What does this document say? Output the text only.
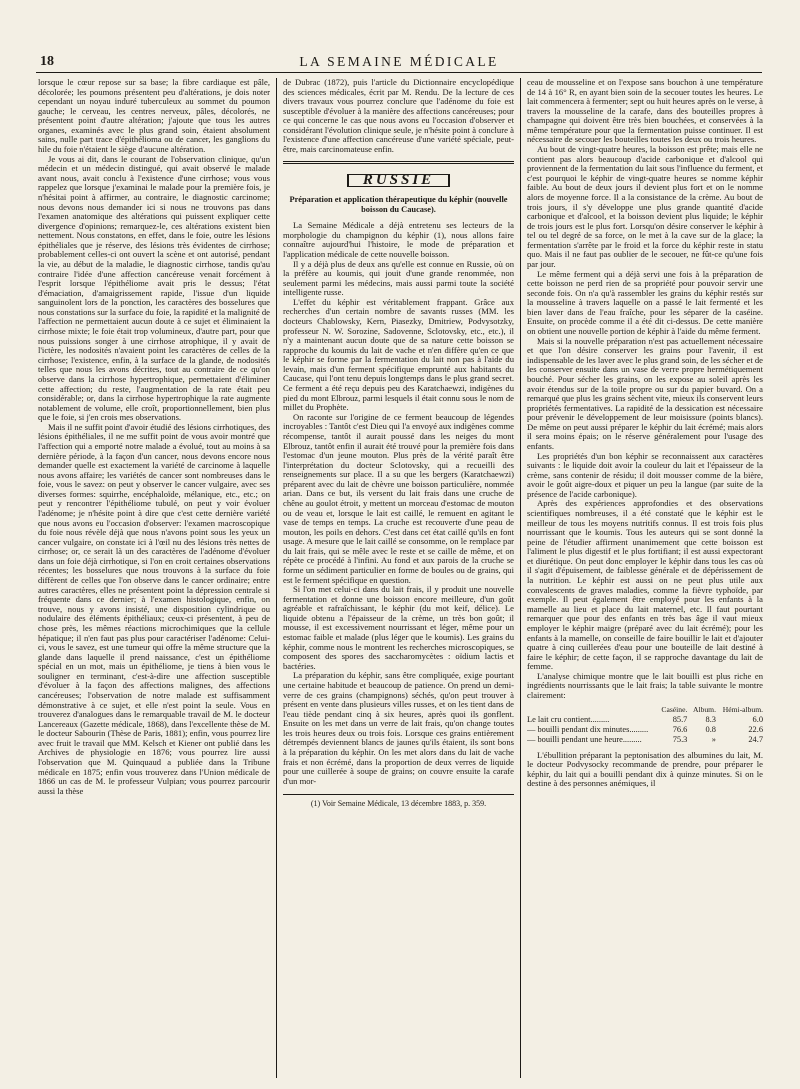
18	LA SEMAINE MÉDICALE

lorsque le cœur repose sur sa base; la fibre cardiaque est pâle, décolorée; les poumons présentent peu d'altérations, je dois noter cependant un noyau induré tuberculeux au sommet du poumon gauche; le cerveau, les centres nerveux, pâles, décolorés, ne présentent point d'autre altération; j'ajoute que tous les autres organes, examinés avec le plus grand soin, étaient absolument sains, nulle part trace d'épithélioma ou de cancer, les ganglions du hile du foie n'étaient le siège d'aucune altération.

Je vous ai dit, dans le courant de l'observation clinique, qu'un médecin et un médecin distingué, qui avait observé le malade avant nous, avait conclu à l'existence d'une cirrhose; vous vous rappelez que lorsque j'examinai le malade pour la première fois, je n'hésitai point à affirmer, au contraire, le diagnostic carcinome; nous devons nous demander ici si nous ne trouvons pas dans l'examen anatomique des altérations qui puissent expliquer cette divergence d'opinions; remarquez-le, ces altérations existent bien nettement. Nous constatons, en effet, dans le foie, outre les lésions épithéliales que je réserve, des lésions très évidentes de cirrhose; probablement celles-ci ont ouvert la scène et ont autorisé, pendant la vie, au début de la maladie, le diagnostic cirrhose, tandis qu'au contraire l'idée d'une affection cancéreuse venait forcément à l'esprit lorsque l'épithéliome avait pris le dessus; l'état d'émaciation, d'amaigrissement rapide, l'issue d'un liquide sanguinolent lors de la ponction, les caractères des bosselures que nous constations sur la surface du foie, la rapidité et la malignité de l'affection ne permettaient aucun doute à ce sujet et éliminaient la cirrhose mixte; le foie était trop volumineux, d'autre part, pour que nous puissions songer à une cirrhose atrophique, il y avait de l'ictère, les nodosités n'avaient point les caractères de celles de la cirrhose; l'existence, enfin, à la surface de la glande, de nodosités telles que nous les avons décrites, tout au contraire de ce qu'on observe dans la cirrhose hypertrophique, permettaient d'éliminer cette affection; du reste, l'augmentation de la rate était peu considérable; or, dans la cirrhose hypertrophique la rate augmente notablement de volume, elle croît, proportionnellement, bien plus que le foie, si j'en crois mes observations.

Mais il ne suffit point d'avoir étudié des lésions cirrhotiques, des lésions épithéliales, il ne me suffit point de vous avoir montré que l'affection qui a emporté notre malade a évolué, tout au moins à sa dernière période, à la façon d'un cancer, nous devons encore nous demander quelle est exactement la variété de carcinome à laquelle nous avons affaire; les variétés de cancer sont nombreuses dans le foie, vous le savez: on peut y observer le cancer vulgaire, avec ses diverses formes: squirrhe, encéphaloïde, mélanique, etc., etc.; on peut y rencontrer l'épithéliome tubulé, on peut y voir évoluer l'adénome; je n'hésite point à dire que c'est cette dernière variété que nous avons eu l'occasion d'observer: l'examen macroscopique du foie nous révèle déjà que nous n'avons point sous les yeux un cancer vulgaire, on constate ici à l'œil nu des lésions très nettes de cirrhose; or, ce serait là un des caractères de l'adénome d'évoluer dans un foie déjà cirrhotique, si l'on en croit certaines observations récentes; les bosselures que nous trouvons à la surface du foie diffèrent de celles que l'on observe dans le cancer ordinaire; entre autres caractères, elles ne présentent point la dépression centrale si fréquente dans ce dernier; à l'examen histologique, enfin, on trouve, nous y avons insisté, une disposition cylindrique ou nodulaire des éléments épithéliaux; ceux-ci présentent, à peu de chose près, les mêmes réactions microchimiques que la cellule hépatique; il n'en faut pas plus pour caractériser l'adénome: Celui-ci, vous le savez, est une tumeur qui offre la même structure que la glande dans laquelle il prend naissance, c'est un épithéliome spécial en un mot, mais un épithéliome, je tiens à bien vous le souligner en terminant, c'est-à-dire une affection susceptible d'évoluer à la façon des affections malignes, des affections cancéreuses; l'observation de notre malade est suffisamment démonstrative à ce sujet, et elle n'est point la seule. Vous en trouverez d'analogues dans le remarquable travail de M. le docteur Lancereaux (Gazette médicale, 1868), dans l'excellente thèse de M. le docteur Sabourin (Thèse de Paris, 1881); enfin, vous pourrez lire avec fruit le travail que MM. Kelsch et Kiener ont publié dans les Archives de physiologie en 1876; vous pourrez lire aussi l'observation que M. Quinquaud a publiée dans la Tribune médicale en 1875; enfin vous trouverez dans l'Union médicale de 1866 un cas de M. le professeur Vulpian; vous pourrez parcourir aussi la thèse

de Dubrac (1872), puis l'article du Dictionnaire encyclopédique des sciences médicales, écrit par M. Rendu. De la lecture de ces divers travaux vous pourrez conclure que l'adénome du foie est susceptible d'évoluer à la manière des affections cancéreuses; pour ce qui concerne le cas que nous avons eu l'occasion d'observer et considérant l'évolution clinique seule, je n'hésite point à conclure à l'existence d'une affection cancéreuse d'une variété spéciale, peut-être, mais carcinomateuse enfin.

RUSSIE
Préparation et application thérapeutique du képhir (nouvelle boisson du Caucase).

La Semaine Médicale a déjà entretenu ses lecteurs de la morphologie du champignon du képhir (1), nous allons faire connaître aujourd'hui l'histoire, le mode de préparation et l'application médicale de cette nouvelle boisson.

Il y a déjà plus de deux ans qu'elle est connue en Russie, où on la préfère au koumis, qui jouit d'une grande renommée, non seulement parmi les médecins, mais aussi parmi toute la société intelligente russe.

L'effet du képhir est véritablement frappant. Grâce aux recherches d'un certain nombre de savants russes (MM. les docteurs Chablowsky, Kern, Piasezky, Dmitriew, Podvysotzky, professeur N. W. Sorozine, Sadovenne, Sclotovsky, etc., etc.), il n'y a maintenant aucun doute que de sa nature cette boisson se rapproche du koumis du lait de vache et n'en diffère qu'en ce que le képhir se forme par la fermentation du lait non pas à l'aide du levain, mais d'un ferment spécifique emprunté aux habitants du Caucase, qui l'ont tenu depuis longtemps dans le plus grand secret. Ce ferment a été reçu depuis peu des Karatchaewzi, indigènes du pied du mont Elbrouz, parmi lesquels il était connu sous le nom de millet du Prophète.

On raconte sur l'origine de ce ferment beaucoup de légendes incroyables : Tantôt c'est Dieu qui l'a envoyé aux indigènes comme récompense, tantôt il aurait poussé dans les neiges du mont Elbrouz, tantôt enfin il aurait été trouvé pour la première fois dans l'estomac d'un jeune mouton. Plus près de la vérité paraît être l'interprétation du docteur Sclotovsky, qui a recueilli des renseignements sur place. Il a su que les bergers (Karatchaewzi) préparent avec du lait de chèvre une boisson particulière, nommée arian. Dans ce but, ils versent du lait frais dans une cruche de chêne au goulot étroit, y mettent un morceau d'estomac de mouton ou de veau et, lorsque le lait est caillé, le remuent en agitant le vase de temps en temps. La cruche est recouverte d'une peau de mouton, les poils en dehors. C'est dans cet état caillé qu'ils en font usage. A mesure que le lait caillé se consomme, on le remplace par du lait frais, qui se mêle avec le reste et se caille de même, et on répète ce procédé à l'infini. Au fond et aux parois de la cruche se forme un sédiment particulier en forme de boules ou de grains, qui est le ferment spécifique en question.

Si l'on met celui-ci dans du lait frais, il y produit une nouvelle fermentation et donne une boisson encore meilleure, d'un goût agréable et rafraîchissant, le képhir (du mot keif, délice). Le liquide obtenu a l'épaisseur de la crème, un très bon goût; il mousse, il est excessivement nourrissant et léger, même pour un estomac faible et malade (plus léger que le koumis). Les grains du képhir, comme nous le montrent les recherches microscopiques, se composent des spores des saccharomycètes : oïdium lactis et bactéries.

La préparation du képhir, sans être compliquée, exige pourtant une certaine habitude et beaucoup de patience. On prend un demi-verre de ces grains (champignons) séchés, qu'on peut trouver à présent en vente dans plusieurs villes russes, et on les tient dans de l'eau tiède pendant cinq à six heures, après quoi ils gonflent. Ensuite on les met dans un verre de lait frais, qu'on change toutes les trois heures deux ou trois fois. Lorsque ces grains entièrement détrempés deviennent blancs de jaunes qu'ils étaient, ils sont bons à la préparation du képhir. On les met alors dans du lait de vache frais et non écrémé, dans la proportion de deux verres de liquide pour une cuillerée à soupe de grains; on couvre ensuite la carafe d'un mor-

(1) Voir Semaine Médicale, 13 décembre 1883, p. 359.

ceau de mousseline et on l'expose sans bouchon à une température de 14 à 16° R, en ayant bien soin de la secouer toutes les heures. Le lait commencera à fermenter; sept ou huit heures après on le verse, à travers la mousseline de la carafe, dans des bouteilles propres à champagne qui doivent être très bien bouchées, et conservées à la même température pour que la fermentation puisse continuer. Il est nécessaire de secouer les bouteilles toutes les deux ou trois heures.

Au bout de vingt-quatre heures, la boisson est prête; mais elle ne contient pas alors beaucoup d'acide carbonique et d'alcool qui proviennent de la fermentation du lait sous l'influence du ferment, et c'est pourquoi le képhir de vingt-quatre heures se nomme képhir faible. Au bout de deux jours il devient plus fort et on le nomme alors de moyenne force. Il a la consistance de la crème. Au bout de trois jours, il s'y développe une plus grande quantité d'acide carbonique et d'alcool, et la boisson devient plus liquide; le képhir de trois jours est le plus fort. Lorsqu'on désire conserver le képhir à tel ou tel degré de sa force, on le met à la cave sur de la glace; la fermentation s'arrête par le froid et la force du képhir reste in statu quo. Mais il ne faut pas oublier de le secouer, ne fût-ce qu'une fois par jour.

Le même ferment qui a déjà servi une fois à la préparation de cette boisson ne perd rien de sa propriété pour pouvoir servir une seconde fois. On n'a qu'à rassembler les grains du képhir restés sur la mousseline à travers laquelle on a passé le lait fermenté et les bien laver dans de l'eau fraîche, pour les séparer de la caséine. Ensuite, on procède comme il a été dit ci-dessus. De cette manière on obtient une nouvelle portion de képhir à l'aide du même ferment.

Mais si la nouvelle préparation n'est pas actuellement nécessaire et que l'on désire conserver les grains pour l'avenir, il est indispensable de les laver avec le plus grand soin, de les sécher et de les conserver ensuite dans un vase de verre propre hermétiquement bouché. Pour sécher les grains, on les expose au soleil après les avoir étendus sur de la toile propre ou sur du papier buvard. On a remarqué que plus les grains sèchent vite, mieux ils conservent leurs propriétés fermentatives. La rapidité de la dessication est nécessaire pour prévenir le développement de leur moisissure (points blancs). De même on peut aussi préparer le képhir du lait écrémé; mais alors il sera moins épais; on le réserve généralement pour l'usage des enfants.

Les propriétés d'un bon képhir se reconnaissent aux caractères suivants : le liquide doit avoir la couleur du lait et l'épaisseur de la crème, sans contenir de résidu; il doit mousser comme de la bière, avoir le goût aigre-doux et piquer un peu la langue (par suite de la présence de l'acide carbonique).

Après des expériences approfondies et des observations scientifiques nombreuses, il a été constaté que le képhir est le meilleur de tous les moyens nutritifs connus. Il est trois fois plus nourrissant que le koumis. Tous les auteurs qui se sont donné la peine de l'étudier affirment unanimement que cette boisson est l'aliment le plus digestif et le plus fortifiant; il est aussi expectorant et diurétique. On peut donc employer le képhir dans tous les cas où il s'agit d'épuisement, de faiblesse générale et de dépérissement de la nutrition. Le képhir est aussi on ne peut plus utile aux convalescents de graves maladies, comme la fièvre typhoïde, par exemple. Il peut également être employé pour les enfants à la mamelle au lieu et place du lait maternel, etc. Il faut pourtant remarquer que pour des enfants en très bas âge il vaut mieux employer le képhir maigre (préparé avec du lait écrémé); pour les enfants à la mamelle, on conseille de faire bouillir le lait et d'ajouter quatre à cinq cuillerées d'eau pour une bouteille de lait destiné à faire le képhir; de cette façon, il se rapproche davantage du lait de femme.

L'analyse chimique montre que le lait bouilli est plus riche en ingrédients nourrissants que le lait frais; la table suivante le montre clairement:

	Caséine.	Album.	Hémi-album.
Le lait cru contient.........	85.7	8.3	6.0
— bouilli pendant dix minutes.........	76.6	0.8	22.6
— bouilli pendant une heure.........	75.3	»	24.7

L'ébullition préparant la peptonisation des albumines du lait, M. le docteur Podvysocky recommande de prendre, pour préparer le képhir, du lait qui a bouilli pendant dix à quinze minutes. Si on le destine à des personnes anémiques, il
